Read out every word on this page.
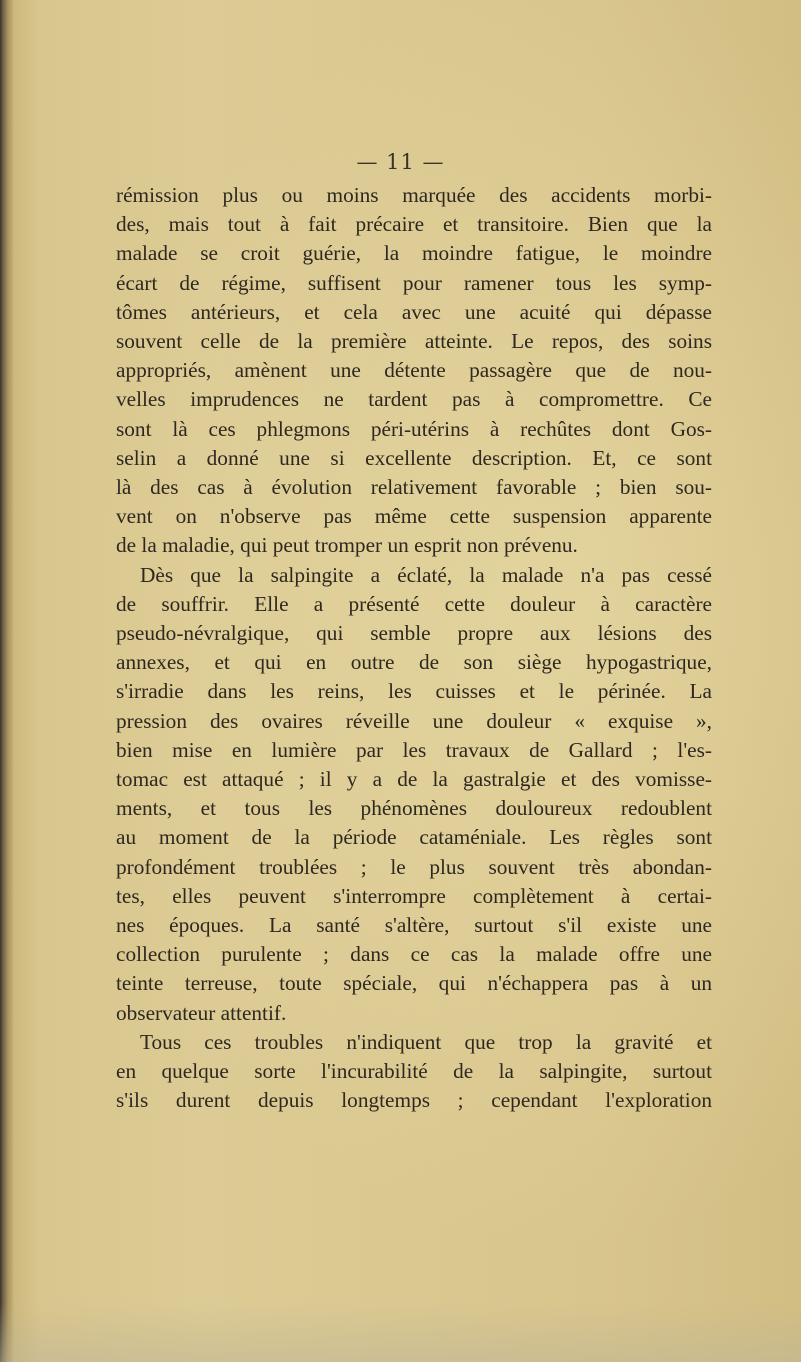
— 11 —
rémission plus ou moins marquée des accidents morbi-
des, mais tout à fait précaire et transitoire. Bien que la
malade se croit guérie, la moindre fatigue, le moindre
écart de régime, suffisent pour ramener tous les symp-
tômes antérieurs, et cela avec une acuité qui dépasse
souvent celle de la première atteinte. Le repos, des soins
appropriés, amènent une détente passagère que de nou-
velles imprudences ne tardent pas à compromettre. Ce
sont là ces phlegmons péri-utérins à rechûtes dont Gos-
selin a donné une si excellente description. Et, ce sont
là des cas à évolution relativement favorable ; bien sou-
vent on n'observe pas même cette suspension apparente
de la maladie, qui peut tromper un esprit non prévenu.
Dès que la salpingite a éclaté, la malade n'a pas cessé
de souffrir. Elle a présenté cette douleur à caractère
pseudo-névralgique, qui semble propre aux lésions des
annexes, et qui en outre de son siège hypogastrique,
s'irradie dans les reins, les cuisses et le périnée. La
pression des ovaires réveille une douleur « exquise »,
bien mise en lumière par les travaux de Gallard ; l'es-
tomac est attaqué ; il y a de la gastralgie et des vomisse-
ments, et tous les phénomènes douloureux redoublent
au moment de la période cataméniale. Les règles sont
profondément troublées ; le plus souvent très abondan-
tes, elles peuvent s'interrompre complètement à certai-
nes époques. La santé s'altère, surtout s'il existe une
collection purulente ; dans ce cas la malade offre une
teinte terreuse, toute spéciale, qui n'échappera pas à un
observateur attentif.
Tous ces troubles n'indiquent que trop la gravité et
en quelque sorte l'incurabilité de la salpingite, surtout
s'ils durent depuis longtemps ; cependant l'exploration
